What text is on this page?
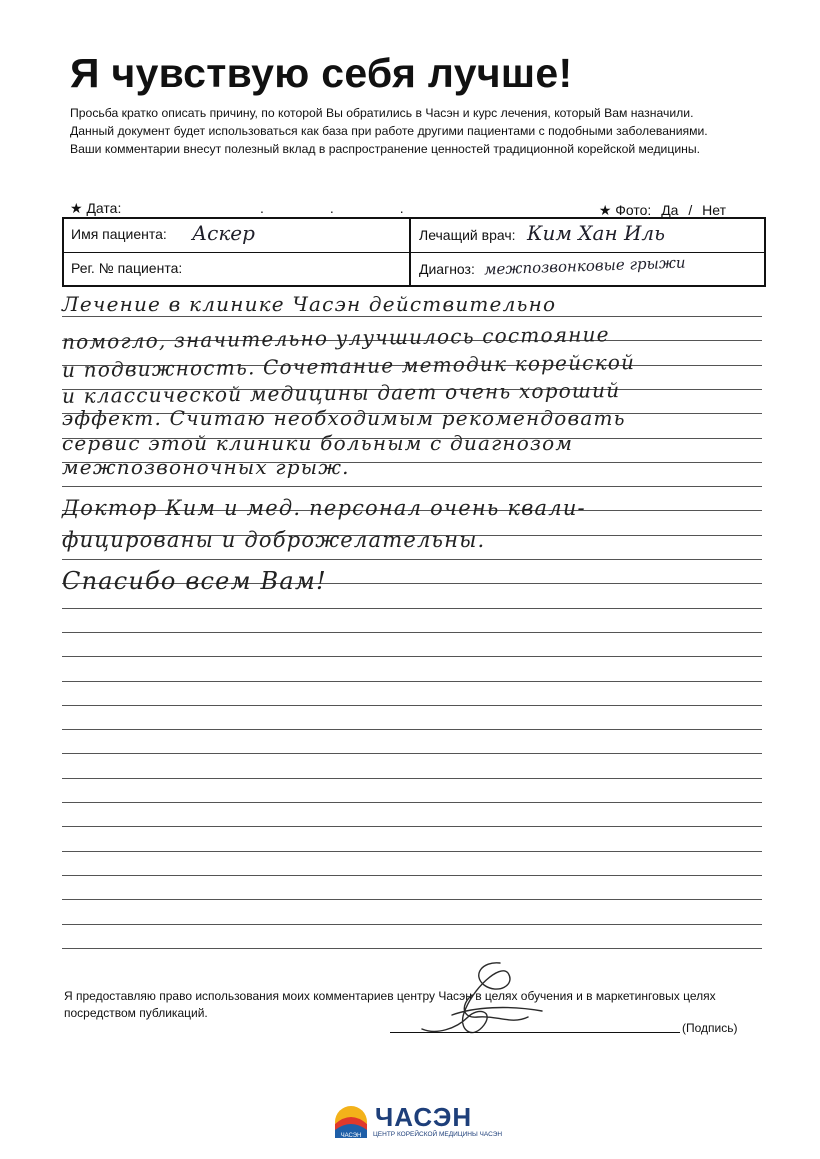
Я чувствую себя лучше!
Просьба кратко описать причину, по которой Вы обратились в Часэн и курс лечения, который Вам назначили.
Данный документ будет использоваться как база при работе другими пациентами с подобными заболеваниями.
Ваши комментарии внесут полезный вклад в распространение ценностей традиционной корейской медицины.
★ Дата:	...	★ Фото: Да / Нет
Имя пациента: Аскер	Лечащий врач: Ким Хан Иль
Рег. № пациента:	Диагноз: межпозвонковые грыжи
Лечение в клинике Часэн действительно
помогло, значительно улучшилось состояние
и подвижность. Сочетание методик корейской
и классической медицины дает очень хороший
эффект. Считаю необходимым рекомендовать
сервис этой клиники больным с диагнозом
межпозвоночных грыж.
Доктор Ким и мед. персонал очень квали-
фицированы и доброжелательны.
Спасибо всем Вам!
Я предоставляю право использования моих комментариев центру Часэн в целях обучения и в маркетинговых целях
посредством публикаций.
(Подпись)
ЧАСЭН
ЧАСЭН
ЦЕНТР КОРЕЙСКОЙ МЕДИЦИНЫ ЧАСЭН
